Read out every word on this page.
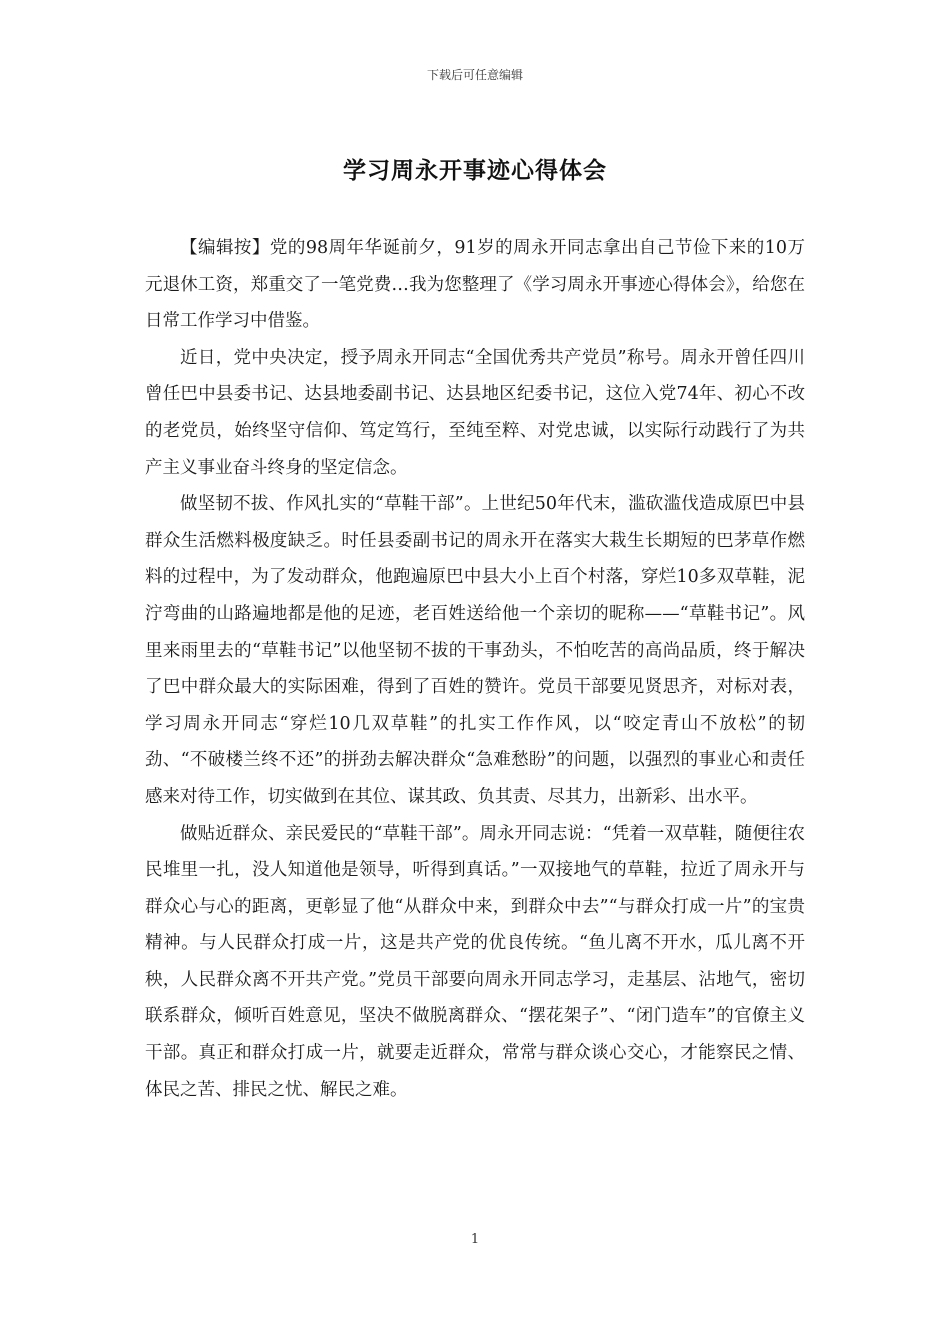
下载后可任意编辑
学习周永开事迹心得体会

【编辑按】党的98周年华诞前夕，91岁的周永开同志拿出自己节俭下来的10万元退休工资，郑重交了一笔党费…我为您整理了《学习周永开事迹心得体会》，给您在日常工作学习中借鉴。

近日，党中央决定，授予周永开同志“全国优秀共产党员”称号。周永开曾任四川曾任巴中县委书记、达县地委副书记、达县地区纪委书记，这位入党74年、初心不改的老党员，始终坚守信仰、笃定笃行，至纯至粹、对党忠诚，以实际行动践行了为共产主义事业奋斗终身的坚定信念。

做坚韧不拔、作风扎实的“草鞋干部”。上世纪50年代末，滥砍滥伐造成原巴中县群众生活燃料极度缺乏。时任县委副书记的周永开在落实大栽生长期短的巴茅草作燃料的过程中，为了发动群众，他跑遍原巴中县大小上百个村落，穿烂10多双草鞋，泥泞弯曲的山路遍地都是他的足迹，老百姓送给他一个亲切的昵称——“草鞋书记”。风里来雨里去的“草鞋书记”以他坚韧不拔的干事劲头，不怕吃苦的高尚品质，终于解决了巴中群众最大的实际困难，得到了百姓的赞许。党员干部要见贤思齐，对标对表，学习周永开同志“穿烂10几双草鞋”的扎实工作作风，以“咬定青山不放松”的韧劲、“不破楼兰终不还”的拼劲去解决群众“急难愁盼”的问题，以强烈的事业心和责任感来对待工作，切实做到在其位、谋其政、负其责、尽其力，出新彩、出水平。

做贴近群众、亲民爱民的“草鞋干部”。周永开同志说：“凭着一双草鞋，随便往农民堆里一扎，没人知道他是领导，听得到真话。”一双接地气的草鞋，拉近了周永开与群众心与心的距离，更彰显了他“从群众中来，到群众中去”“与群众打成一片”的宝贵精神。与人民群众打成一片，这是共产党的优良传统。“鱼儿离不开水，瓜儿离不开秧，人民群众离不开共产党。”党员干部要向周永开同志学习，走基层、沾地气，密切联系群众，倾听百姓意见，坚决不做脱离群众、“摆花架子”、“闭门造车”的官僚主义干部。真正和群众打成一片，就要走近群众，常常与群众谈心交心，才能察民之情、体民之苦、排民之忧、解民之难。

1
